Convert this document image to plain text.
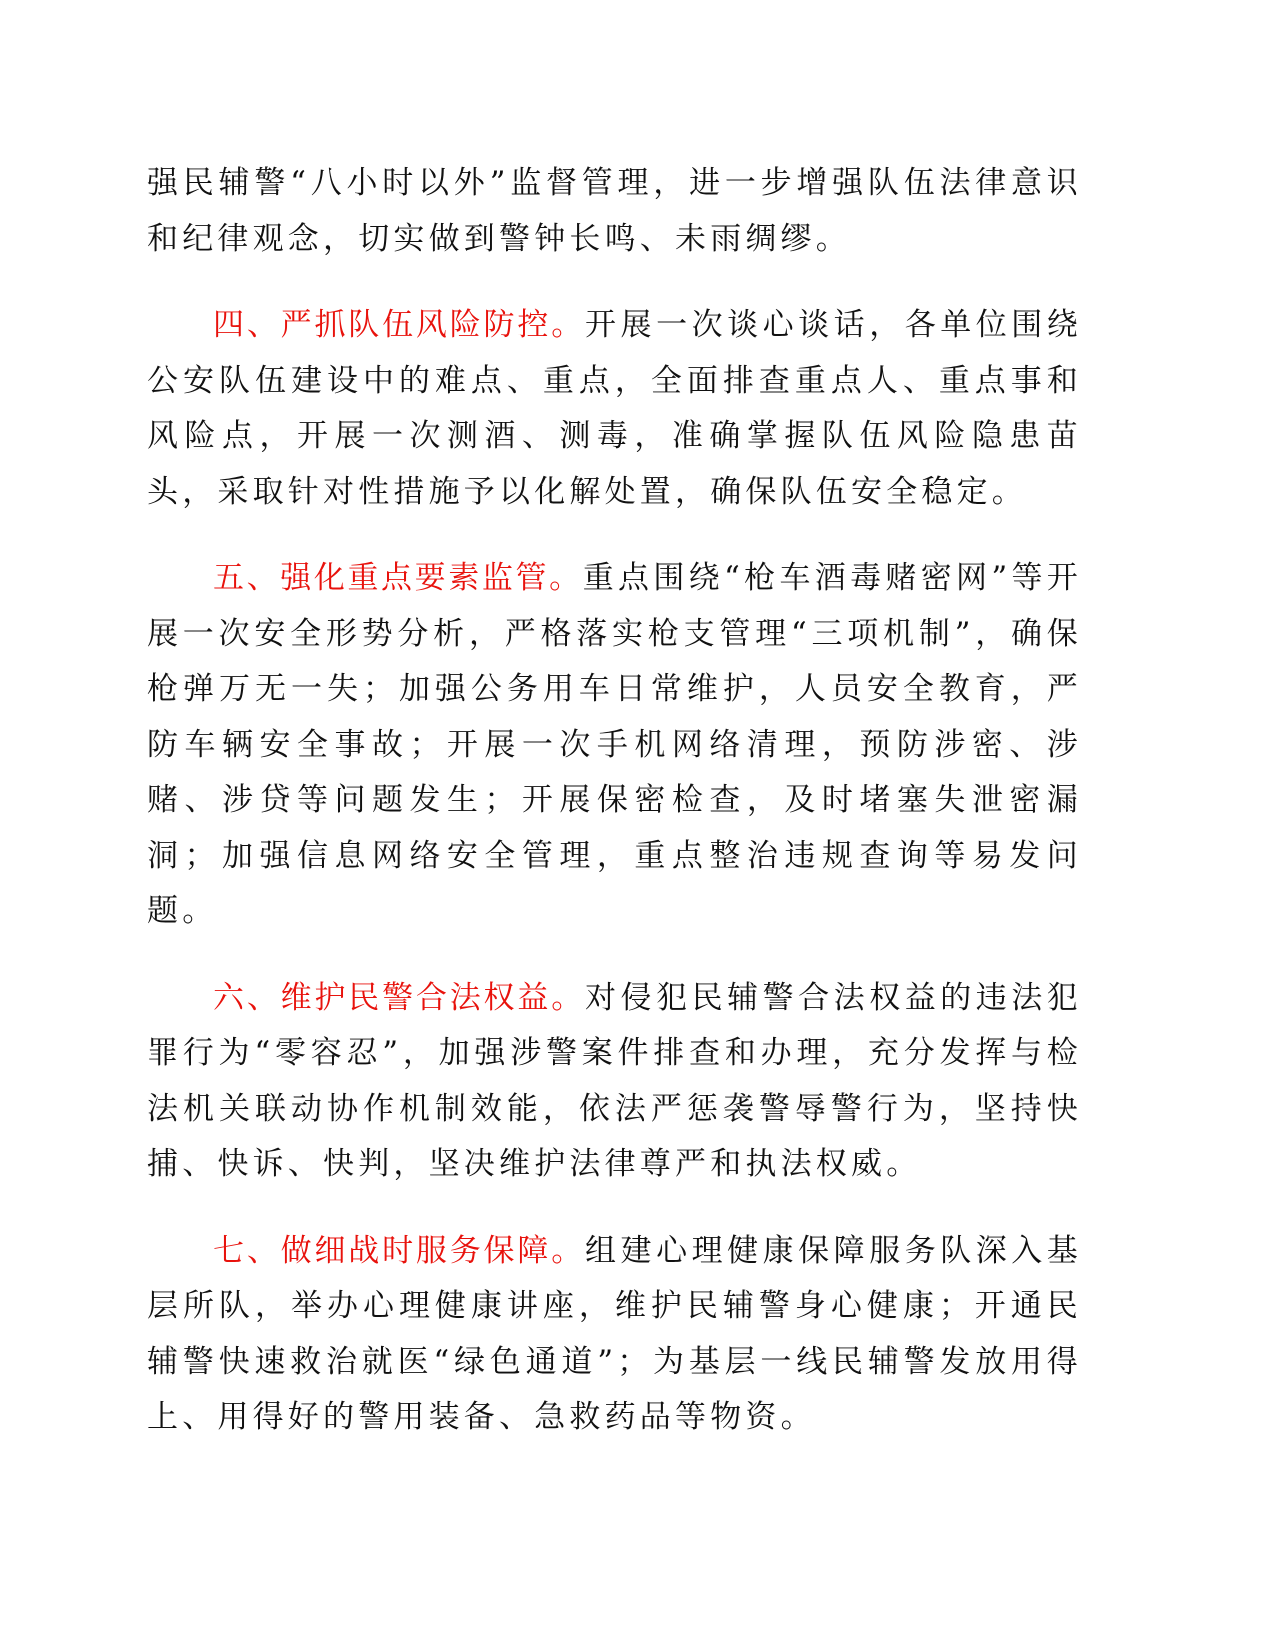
强民辅警“八小时以外”监督管理，进一步增强队伍法律意识和纪律观念，切实做到警钟长鸣、未雨绸缪。

四、严抓队伍风险防控。开展一次谈心谈话，各单位围绕公安队伍建设中的难点、重点，全面排查重点人、重点事和风险点，开展一次测酒、测毒，准确掌握队伍风险隐患苗头，采取针对性措施予以化解处置，确保队伍安全稳定。

五、强化重点要素监管。重点围绕“枪车酒毒赌密网”等开展一次安全形势分析，严格落实枪支管理“三项机制”，确保枪弹万无一失；加强公务用车日常维护，人员安全教育，严防车辆安全事故；开展一次手机网络清理，预防涉密、涉赌、涉贷等问题发生；开展保密检查，及时堵塞失泄密漏洞；加强信息网络安全管理，重点整治违规查询等易发问题。

六、维护民警合法权益。对侵犯民辅警合法权益的违法犯罪行为“零容忍”，加强涉警案件排查和办理，充分发挥与检法机关联动协作机制效能，依法严惩袭警辱警行为，坚持快捕、快诉、快判，坚决维护法律尊严和执法权威。

七、做细战时服务保障。组建心理健康保障服务队深入基层所队，举办心理健康讲座，维护民辅警身心健康；开通民辅警快速救治就医“绿色通道”；为基层一线民辅警发放用得上、用得好的警用装备、急救药品等物资。
